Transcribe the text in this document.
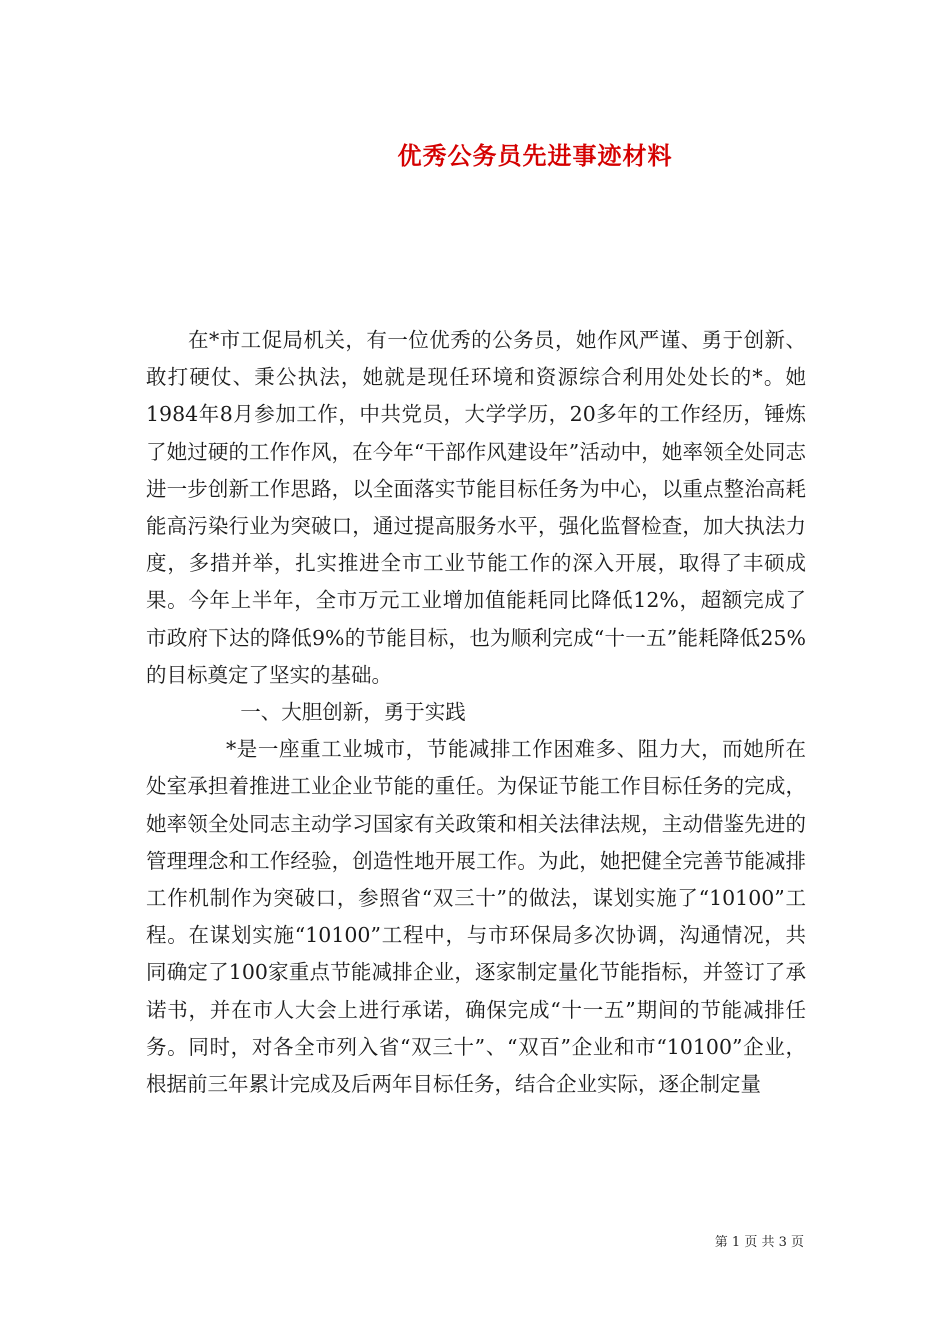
优秀公务员先进事迹材料

在*市工促局机关，有一位优秀的公务员，她作风严谨、勇于创新、敢打硬仗、秉公执法，她就是现任环境和资源综合利用处处长的*。她1984年8月参加工作，中共党员，大学学历，20多年的工作经历，锤炼了她过硬的工作作风，在今年“干部作风建设年”活动中，她率领全处同志进一步创新工作思路，以全面落实节能目标任务为中心，以重点整治高耗能高污染行业为突破口，通过提高服务水平，强化监督检查，加大执法力度，多措并举，扎实推进全市工业节能工作的深入开展，取得了丰硕成果。今年上半年，全市万元工业增加值能耗同比降低12%，超额完成了市政府下达的降低9%的节能目标，也为顺利完成“十一五”能耗降低25%的目标奠定了坚实的基础。

一、大胆创新，勇于实践

*是一座重工业城市，节能减排工作困难多、阻力大，而她所在处室承担着推进工业企业节能的重任。为保证节能工作目标任务的完成，她率领全处同志主动学习国家有关政策和相关法律法规，主动借鉴先进的管理理念和工作经验，创造性地开展工作。为此，她把健全完善节能减排工作机制作为突破口，参照省“双三十”的做法，谋划实施了“10100”工程。在谋划实施“10100”工程中，与市环保局多次协调，沟通情况，共同确定了100家重点节能减排企业，逐家制定量化节能指标，并签订了承诺书，并在市人大会上进行承诺，确保完成“十一五”期间的节能减排任务。同时，对各全市列入省“双三十”、“双百”企业和市“10100”企业，根据前三年累计完成及后两年目标任务，结合企业实际，逐企制定量

第 1 页 共 3 页
